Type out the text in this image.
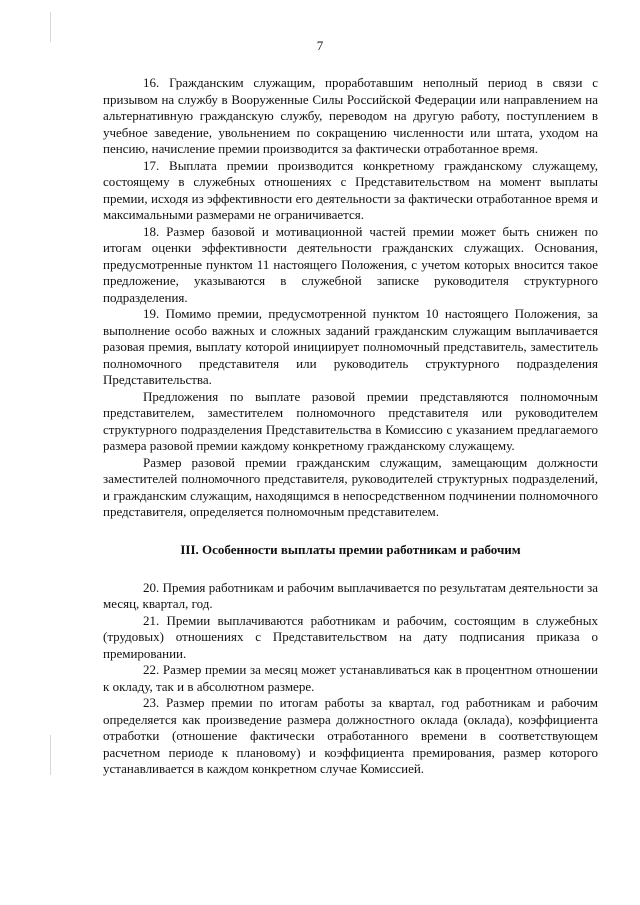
7

16. Гражданским служащим, проработавшим неполный период в связи с призывом на службу в Вооруженные Силы Российской Федерации или направлением на альтернативную гражданскую службу, переводом на другую работу, поступлением в учебное заведение, увольнением по сокращению численности или штата, уходом на пенсию, начисление премии производится за фактически отработанное время.

17. Выплата премии производится конкретному гражданскому служащему, состоящему в служебных отношениях с Представительством на момент выплаты премии, исходя из эффективности его деятельности за фактически отработанное время и максимальными размерами не ограничивается.

18. Размер базовой и мотивационной частей премии может быть снижен по итогам оценки эффективности деятельности гражданских служащих. Основания, предусмотренные пунктом 11 настоящего Положения, с учетом которых вносится такое предложение, указываются в служебной записке руководителя структурного подразделения.

19. Помимо премии, предусмотренной пунктом 10 настоящего Положения, за выполнение особо важных и сложных заданий гражданским служащим выплачивается разовая премия, выплату которой инициирует полномочный представитель, заместитель полномочного представителя или руководитель структурного подразделения Представительства.

Предложения по выплате разовой премии представляются полномочным представителем, заместителем полномочного представителя или руководителем структурного подразделения Представительства в Комиссию с указанием предлагаемого размера разовой премии каждому конкретному гражданскому служащему.

Размер разовой премии гражданским служащим, замещающим должности заместителей полномочного представителя, руководителей структурных подразделений, и гражданским служащим, находящимся в непосредственном подчинении полномочного представителя, определяется полномочным представителем.

III. Особенности выплаты премии работникам и рабочим

20. Премия работникам и рабочим выплачивается по результатам деятельности за месяц, квартал, год.

21. Премии выплачиваются работникам и рабочим, состоящим в служебных (трудовых) отношениях с Представительством на дату подписания приказа о премировании.

22. Размер премии за месяц может устанавливаться как в процентном отношении к окладу, так и в абсолютном размере.

23. Размер премии по итогам работы за квартал, год работникам и рабочим определяется как произведение размера должностного оклада (оклада), коэффициента отработки (отношение фактически отработанного времени в соответствующем расчетном периоде к плановому) и коэффициента премирования, размер которого устанавливается в каждом конкретном случае Комиссией.
